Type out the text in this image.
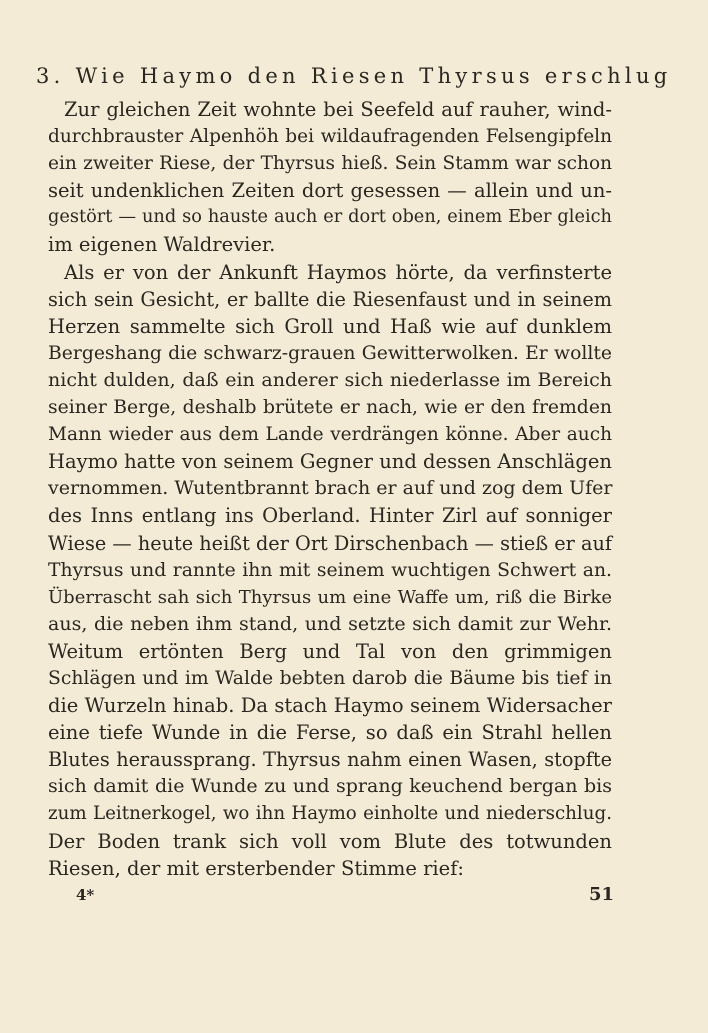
3. Wie Haymo den Riesen Thyrsus erschlug
Zur gleichen Zeit wohnte bei Seefeld auf rauher, wind-
durchbrauster Alpenhöh bei wildaufragenden Felsengipfeln
ein zweiter Riese, der Thyrsus hieß. Sein Stamm war schon
seit undenklichen Zeiten dort gesessen — allein und un-
gestört — und so hauste auch er dort oben, einem Eber gleich
im eigenen Waldrevier.
Als er von der Ankunft Haymos hörte, da verfinsterte
sich sein Gesicht, er ballte die Riesenfaust und in seinem
Herzen sammelte sich Groll und Haß wie auf dunklem
Bergeshang die schwarz-grauen Gewitterwolken. Er wollte
nicht dulden, daß ein anderer sich niederlasse im Bereich
seiner Berge, deshalb brütete er nach, wie er den fremden
Mann wieder aus dem Lande verdrängen könne. Aber auch
Haymo hatte von seinem Gegner und dessen Anschlägen
vernommen. Wutentbrannt brach er auf und zog dem Ufer
des Inns entlang ins Oberland. Hinter Zirl auf sonniger
Wiese — heute heißt der Ort Dirschenbach — stieß er auf
Thyrsus und rannte ihn mit seinem wuchtigen Schwert an.
Überrascht sah sich Thyrsus um eine Waffe um, riß die Birke
aus, die neben ihm stand, und setzte sich damit zur Wehr.
Weitum ertönten Berg und Tal von den grimmigen
Schlägen und im Walde bebten darob die Bäume bis tief in
die Wurzeln hinab. Da stach Haymo seinem Widersacher
eine tiefe Wunde in die Ferse, so daß ein Strahl hellen
Blutes heraussprang. Thyrsus nahm einen Wasen, stopfte
sich damit die Wunde zu und sprang keuchend bergan bis
zum Leitnerkogel, wo ihn Haymo einholte und niederschlug.
Der Boden trank sich voll vom Blute des totwunden
Riesen, der mit ersterbender Stimme rief:
4*	51
